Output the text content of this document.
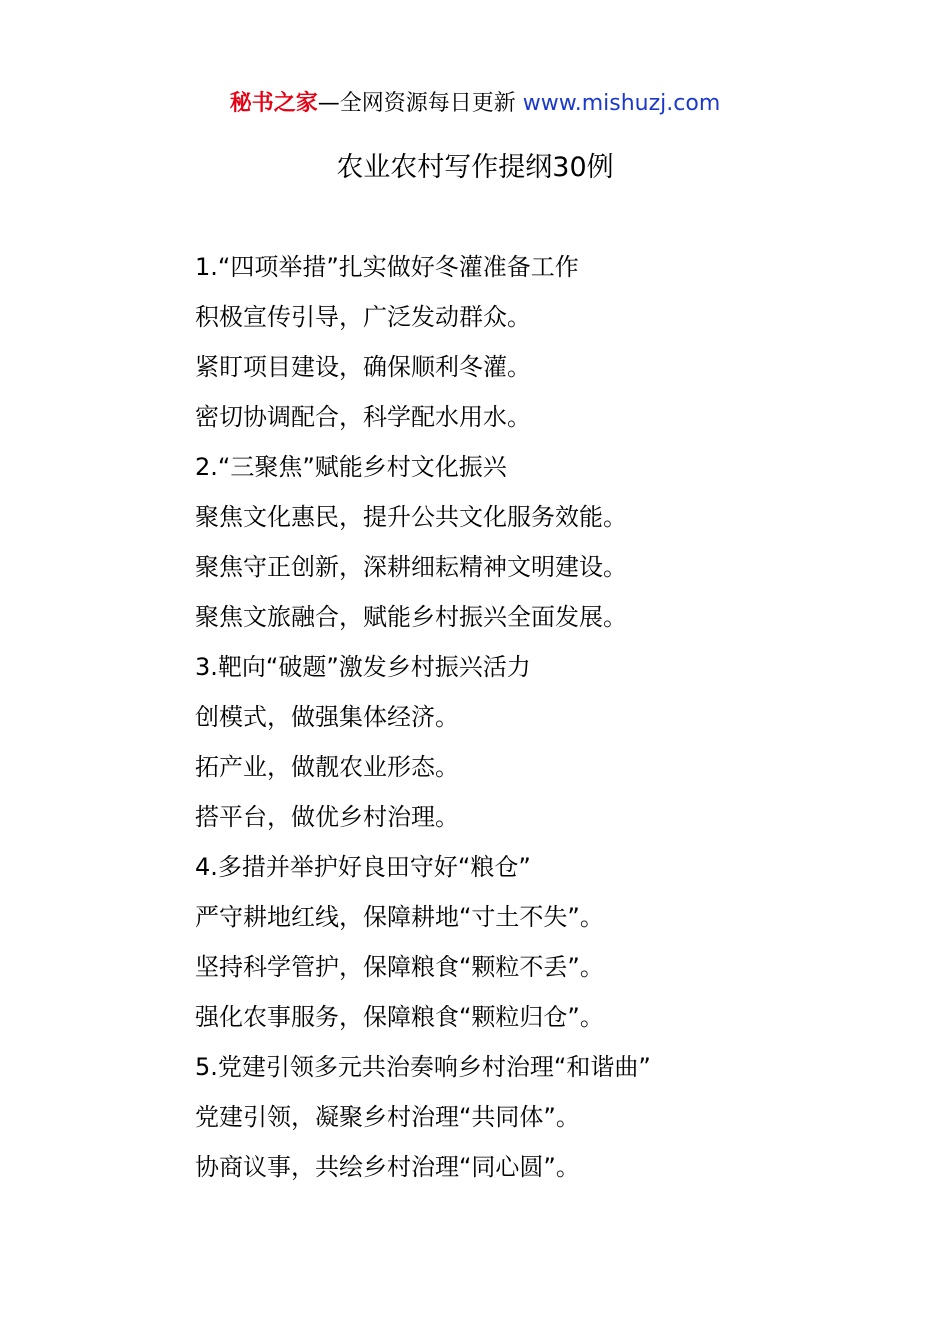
秘书之家—全网资源每日更新 www.mishuzj.com
农业农村写作提纲30例
1.“四项举措”扎实做好冬灌准备工作
积极宣传引导，广泛发动群众。
紧盯项目建设，确保顺利冬灌。
密切协调配合，科学配水用水。
2.“三聚焦”赋能乡村文化振兴
聚焦文化惠民，提升公共文化服务效能。
聚焦守正创新，深耕细耘精神文明建设。
聚焦文旅融合，赋能乡村振兴全面发展。
3.靶向“破题”激发乡村振兴活力
创模式，做强集体经济。
拓产业，做靓农业形态。
搭平台，做优乡村治理。
4.多措并举护好良田守好“粮仓”
严守耕地红线，保障耕地“寸土不失”。
坚持科学管护，保障粮食“颗粒不丢”。
强化农事服务，保障粮食“颗粒归仓”。
5.党建引领多元共治奏响乡村治理“和谐曲”
党建引领，凝聚乡村治理“共同体”。
协商议事，共绘乡村治理“同心圆”。
